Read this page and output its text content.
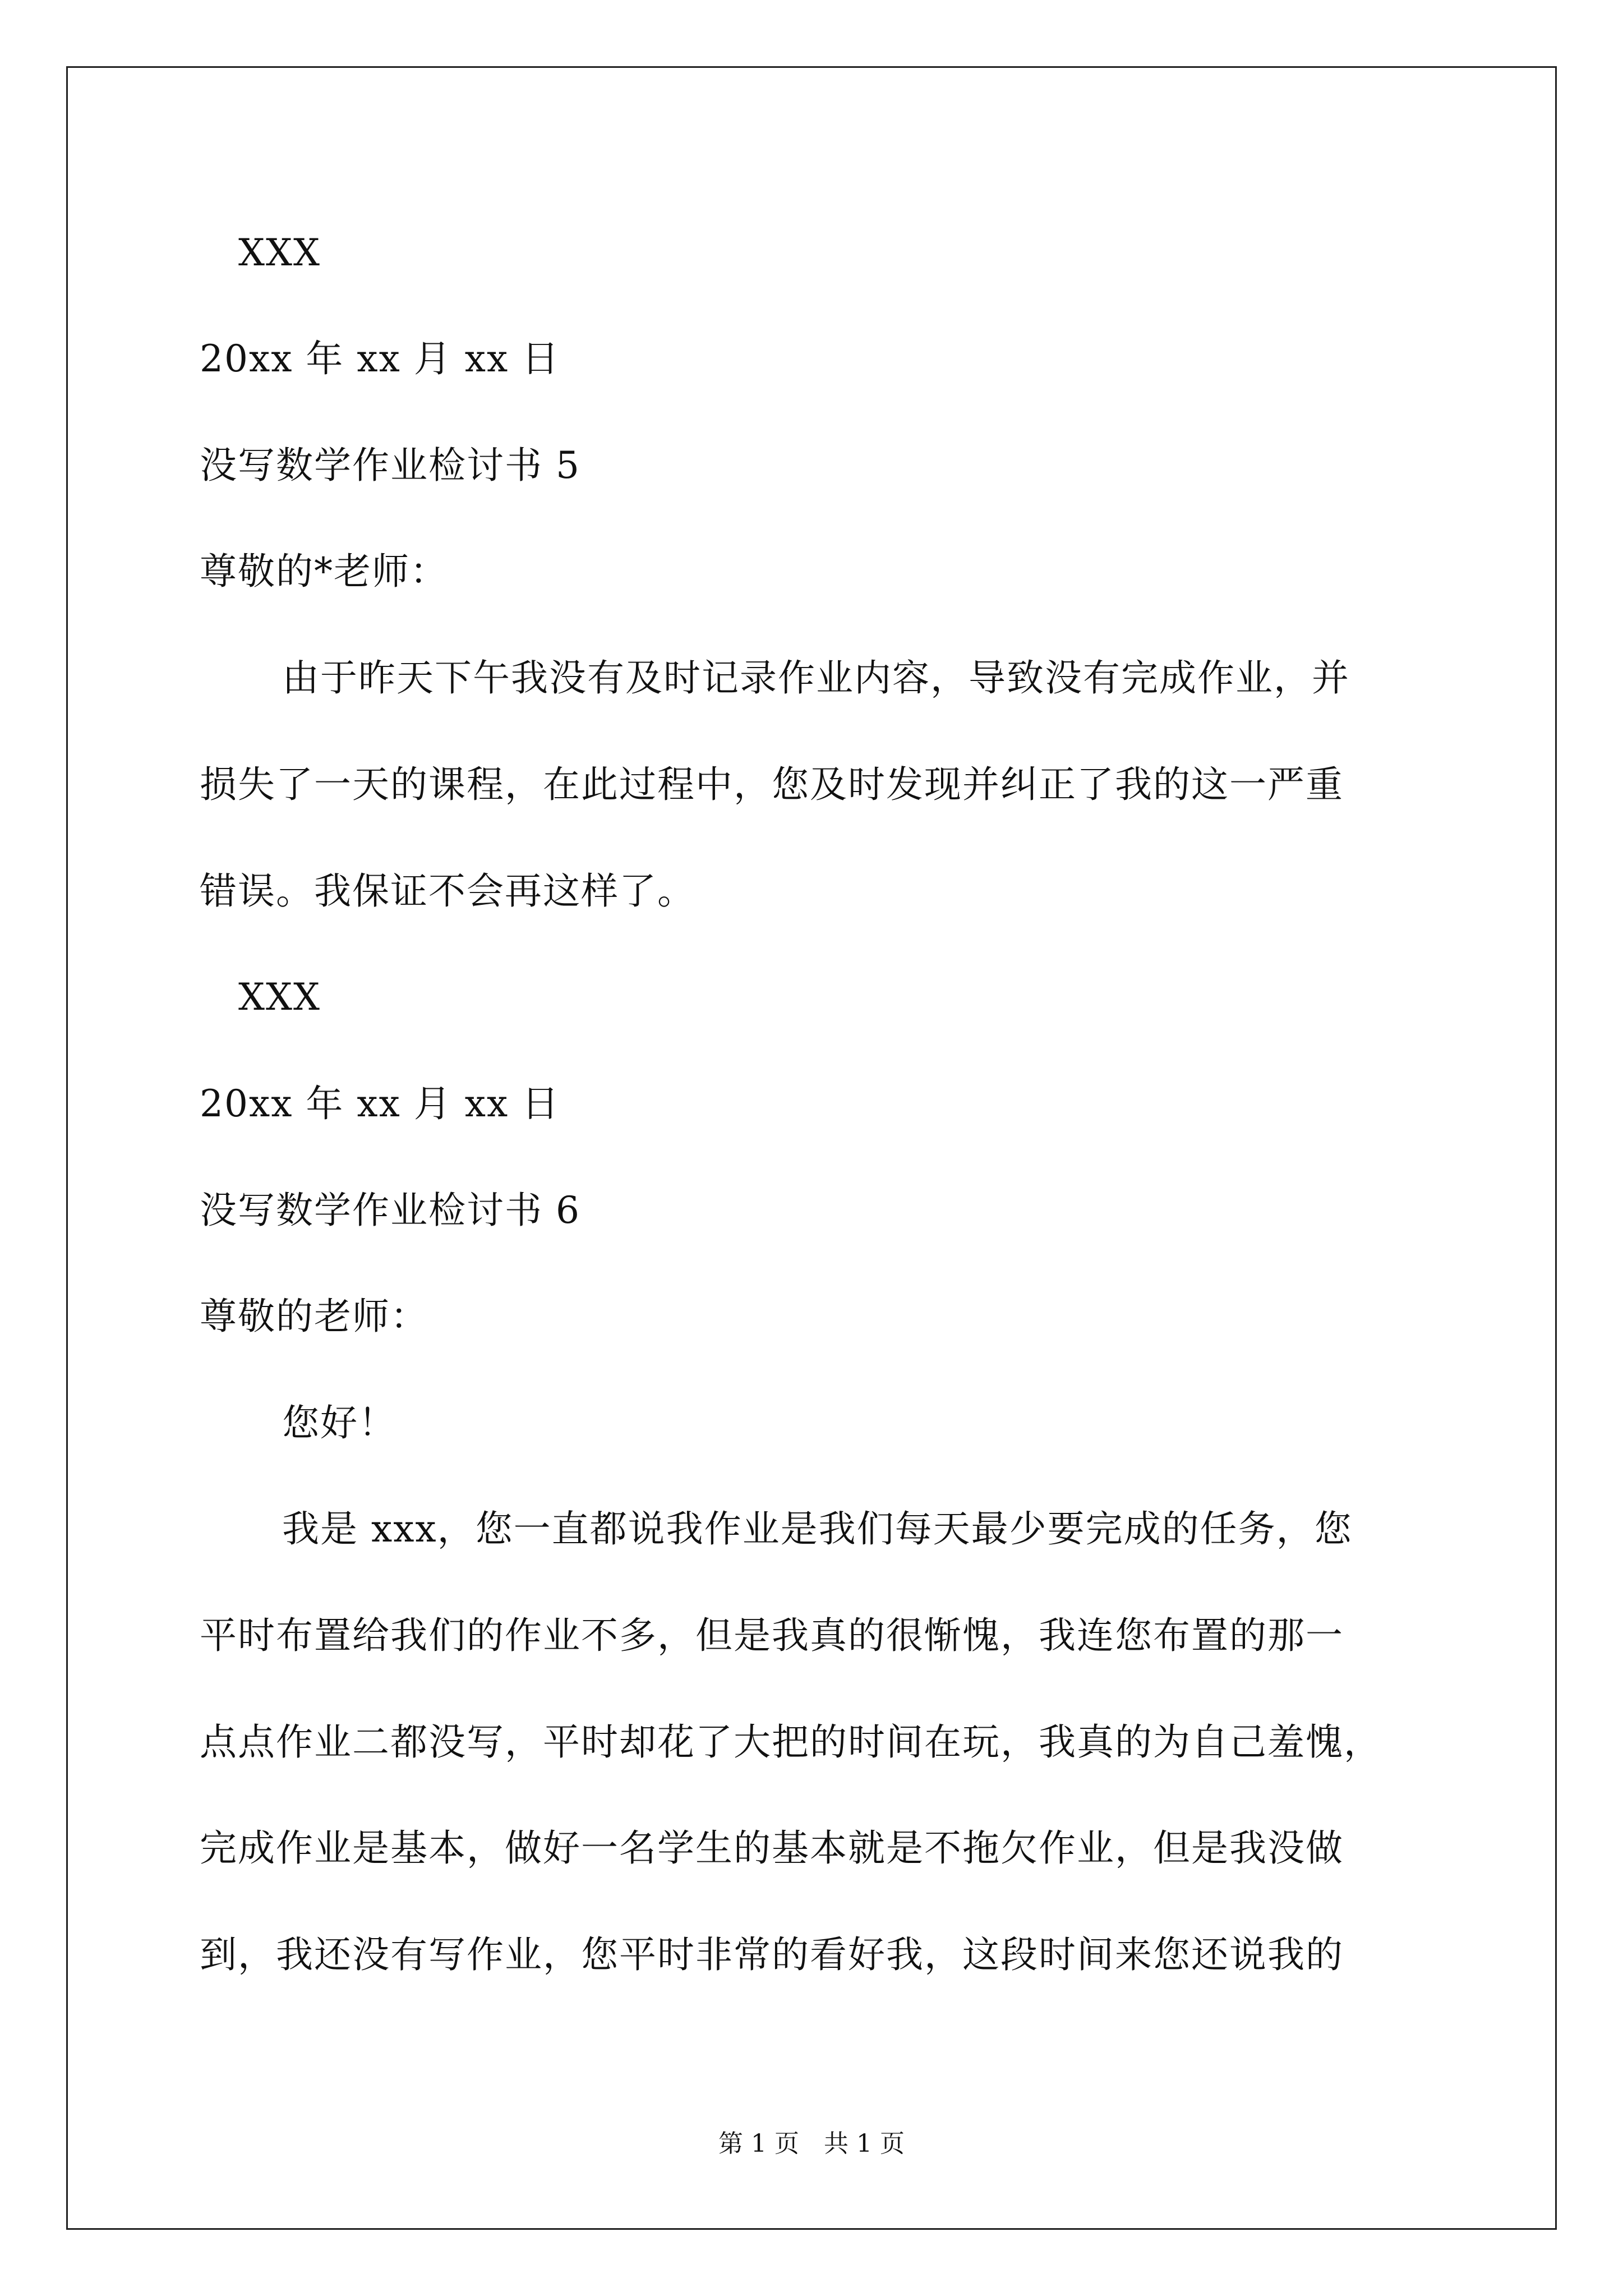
XXX
20xx 年 xx 月 xx 日
没写数学作业检讨书 5
尊敬的*老师：
由于昨天下午我没有及时记录作业内容，导致没有完成作业，并
损失了一天的课程，在此过程中，您及时发现并纠正了我的这一严重
错误。我保证不会再这样了。
XXX
20xx 年 xx 月 xx 日
没写数学作业检讨书 6
尊敬的老师：
您好！
我是 xxx，您一直都说我作业是我们每天最少要完成的任务，您
平时布置给我们的作业不多，但是我真的很惭愧，我连您布置的那一
点点作业二都没写，平时却花了大把的时间在玩，我真的为自己羞愧，
完成作业是基本，做好一名学生的基本就是不拖欠作业，但是我没做
到，我还没有写作业，您平时非常的看好我，这段时间来您还说我的
第 1 页　共 1 页
